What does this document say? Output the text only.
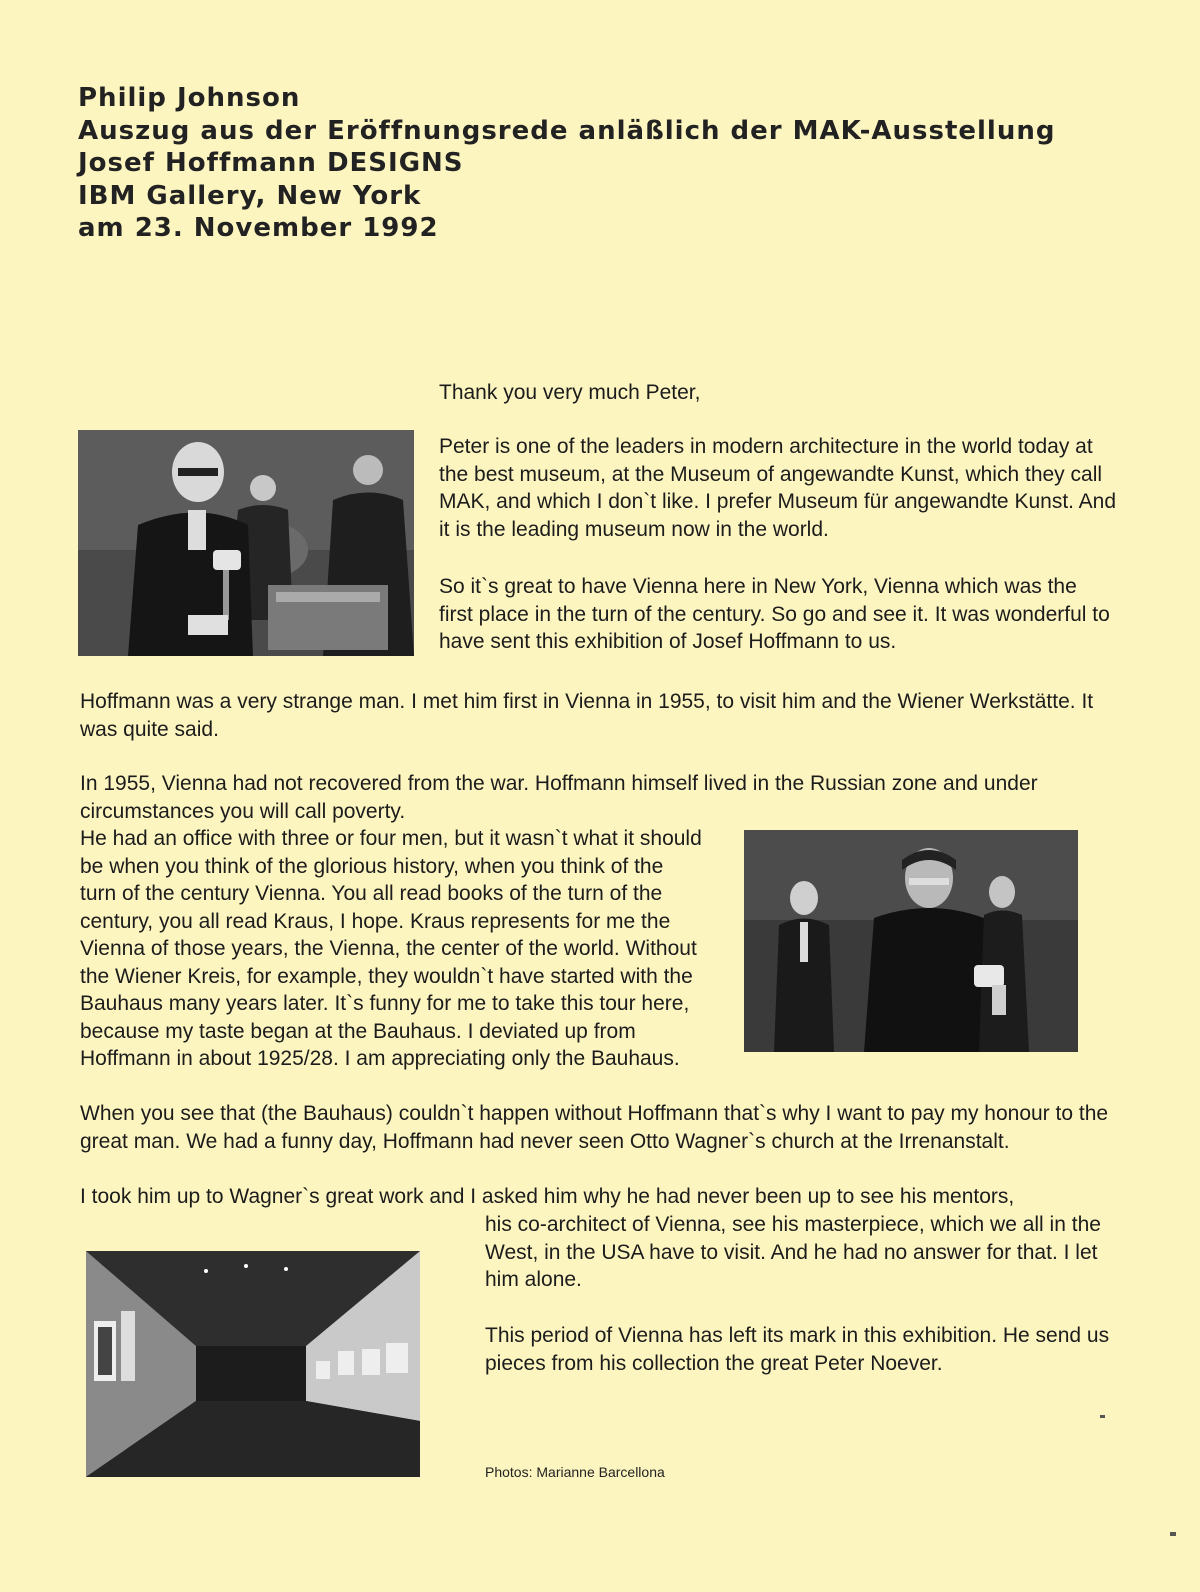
Philip Johnson
Auszug aus der Eröffnungsrede anläßlich der MAK-Ausstellung
Josef Hoffmann DESIGNS
IBM Gallery, New York
am 23. November 1992

Thank you very much Peter,

Peter is one of the leaders in modern architecture in the world today at the best museum, at the Museum of angewandte Kunst, which they call MAK, and which I don`t like. I prefer Museum für angewandte Kunst. And it is the leading museum now in the world.

So it`s great to have Vienna here in New York, Vienna which was the first place in the turn of the century. So go and see it. It was wonderful to have sent this exhibition of Josef Hoffmann to us.

Hoffmann was a very strange man. I met him first in Vienna in 1955, to visit him and the Wiener Werkstätte. It was quite said.

In 1955, Vienna had not recovered from the war. Hoffmann himself lived in the Russian zone and under circumstances you will call poverty.

He had an office with three or four men, but it wasn`t what it should be when you think of the glorious history, when you think of the turn of the century Vienna. You all read books of the turn of the century, you all read Kraus, I hope. Kraus represents for me the Vienna of those years, the Vienna, the center of the world. Without the Wiener Kreis, for example, they wouldn`t have started with the Bauhaus many years later. It`s funny for me to take this tour here, because my taste began at the Bauhaus. I deviated up from Hoffmann in about 1925/28. I am appreciating only the Bauhaus.

When you see that (the Bauhaus) couldn`t happen without Hoffmann that`s why I want to pay my honour to the great man. We had a funny day, Hoffmann had never seen Otto Wagner`s church at the Irrenanstalt.

I took him up to Wagner`s great work and I asked him why he had never been up to see his mentors,

his co-architect of Vienna, see his masterpiece, which we all in the West, in the USA have to visit. And he had no answer for that. I let him alone.

This period of Vienna has left its mark in this exhibition. He send us pieces from his collection the great Peter Noever.

Photos: Marianne Barcellona
